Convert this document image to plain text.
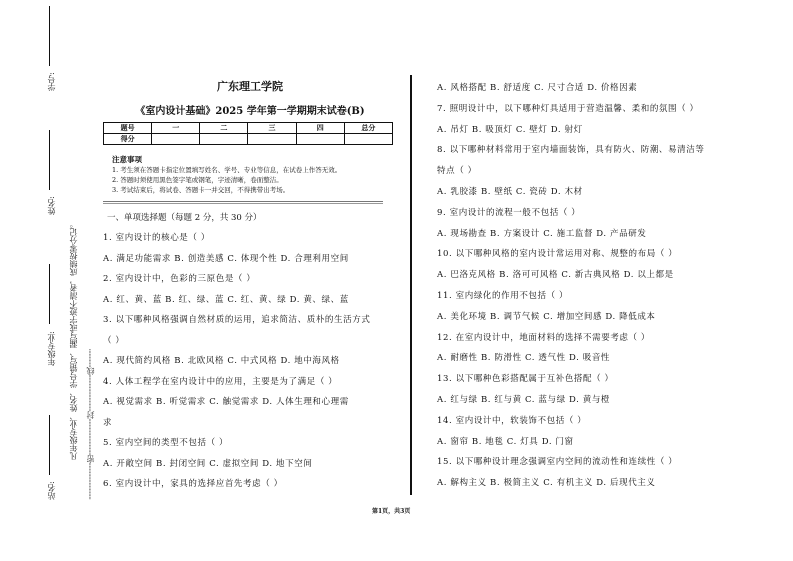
站名:   年级专业:   姓名:   学号:
凡年级专业、姓名、学号错写、漏写或字迹不清者，成绩按零分记。
························密························封························线············
广东理工学院
《室内设计基础》2025 学年第一学期期末试卷(B)
题号	一	二	三	四	总分
得分					
注意事项
1. 考生须在答题卡指定位置填写姓名、学号、专业等信息，在试卷上作答无效。
2. 答题时须使用黑色签字笔或钢笔，字迹清晰，卷面整洁。
3. 考试结束后，将试卷、答题卡一并交回，不得携带出考场。
一、单项选择题（每题 2 分，共 30 分）
1. 室内设计的核心是（ ）
A. 满足功能需求 B. 创造美感 C. 体现个性 D. 合理利用空间
2. 室内设计中，色彩的三原色是（ ）
A. 红、黄、蓝 B. 红、绿、蓝 C. 红、黄、绿 D. 黄、绿、蓝
3. 以下哪种风格强调自然材质的运用，追求简洁、质朴的生活方式
（ ）
A. 现代简约风格 B. 北欧风格 C. 中式风格 D. 地中海风格
4. 人体工程学在室内设计中的应用，主要是为了满足（ ）
A. 视觉需求 B. 听觉需求 C. 触觉需求 D. 人体生理和心理需
求
5. 室内空间的类型不包括（ ）
A. 开敞空间 B. 封闭空间 C. 虚拟空间 D. 地下空间
6. 室内设计中，家具的选择应首先考虑（ ）
A. 风格搭配 B. 舒适度 C. 尺寸合适 D. 价格因素
7. 照明设计中，以下哪种灯具适用于营造温馨、柔和的氛围（ ）
A. 吊灯 B. 吸顶灯 C. 壁灯 D. 射灯
8. 以下哪种材料常用于室内墙面装饰，具有防火、防潮、易清洁等
特点（ ）
A. 乳胶漆 B. 壁纸 C. 瓷砖 D. 木材
9. 室内设计的流程一般不包括（ ）
A. 现场勘查 B. 方案设计 C. 施工监督 D. 产品研发
10. 以下哪种风格的室内设计常运用对称、规整的布局（ ）
A. 巴洛克风格 B. 洛可可风格 C. 新古典风格 D. 以上都是
11. 室内绿化的作用不包括（ ）
A. 美化环境 B. 调节气候 C. 增加空间感 D. 降低成本
12. 在室内设计中，地面材料的选择不需要考虑（ ）
A. 耐磨性 B. 防滑性 C. 透气性 D. 吸音性
13. 以下哪种色彩搭配属于互补色搭配（ ）
A. 红与绿 B. 红与黄 C. 蓝与绿 D. 黄与橙
14. 室内设计中，软装饰不包括（ ）
A. 窗帘 B. 地毯 C. 灯具 D. 门窗
15. 以下哪种设计理念强调室内空间的流动性和连续性（ ）
A. 解构主义 B. 极简主义 C. 有机主义 D. 后现代主义
第1页，共3页
